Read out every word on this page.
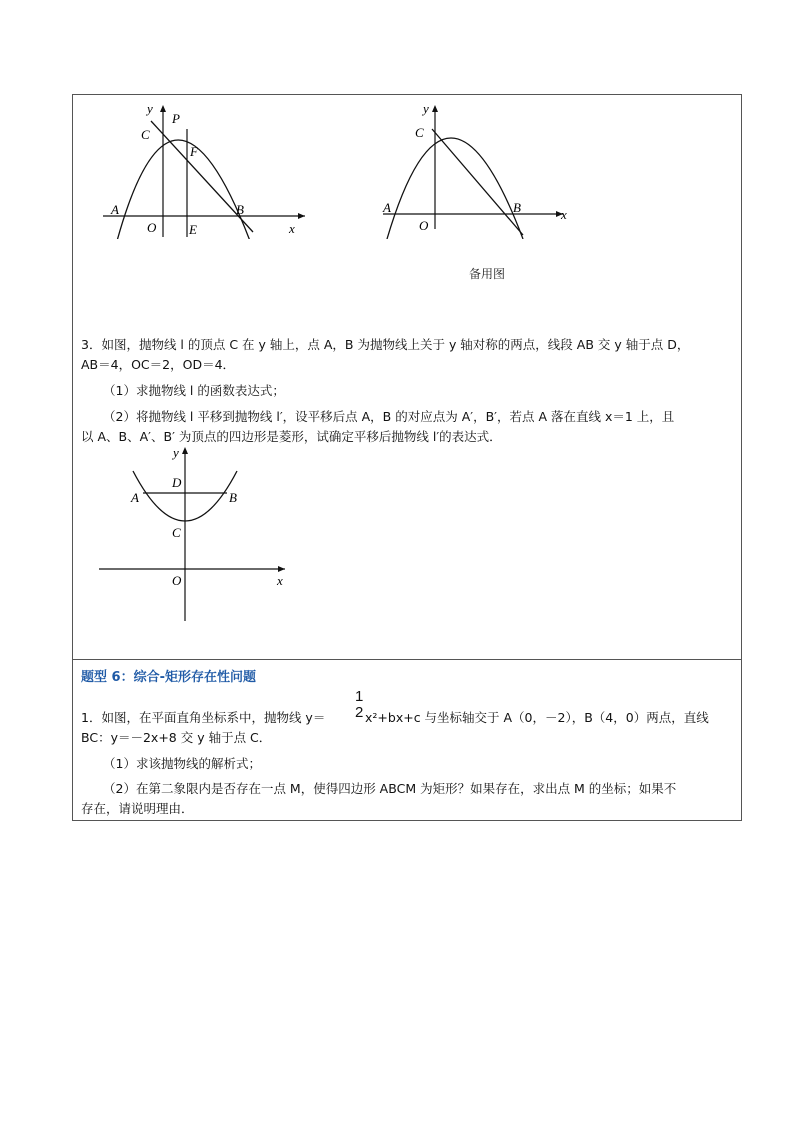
y
P
C
F
A
O	E
B
x
y
C
A
O
B	x
备用图
3．如图，抛物线 l 的顶点 C 在 y 轴上，点 A，B 为抛物线上关于 y 轴对称的两点，线段 AB 交 y 轴于点 D，
AB＝4，OC＝2，OD＝4．
（1）求抛物线 l 的函数表达式；
（2）将抛物线 l 平移到抛物线 l′，设平移后点 A，B 的对应点为 A′，B′，若点 A 落在直线 x＝1 上，且
以 A、B、A′、B′ 为顶点的四边形是菱形，试确定平移后抛物线 l′的表达式．
y
D
A	B
C
O	x
题型 6：综合-矩形存在性问题
1
2
1．如图，在平面直角坐标系中，抛物线 y＝	x²+bx+c 与坐标轴交于 A（0，－2），B（4，0）两点，直线
BC：y＝－2x+8 交 y 轴于点 C．
（1）求该抛物线的解析式；
（2）在第二象限内是否存在一点 M，使得四边形 ABCM 为矩形？如果存在，求出点 M 的坐标；如果不
存在，请说明理由．
